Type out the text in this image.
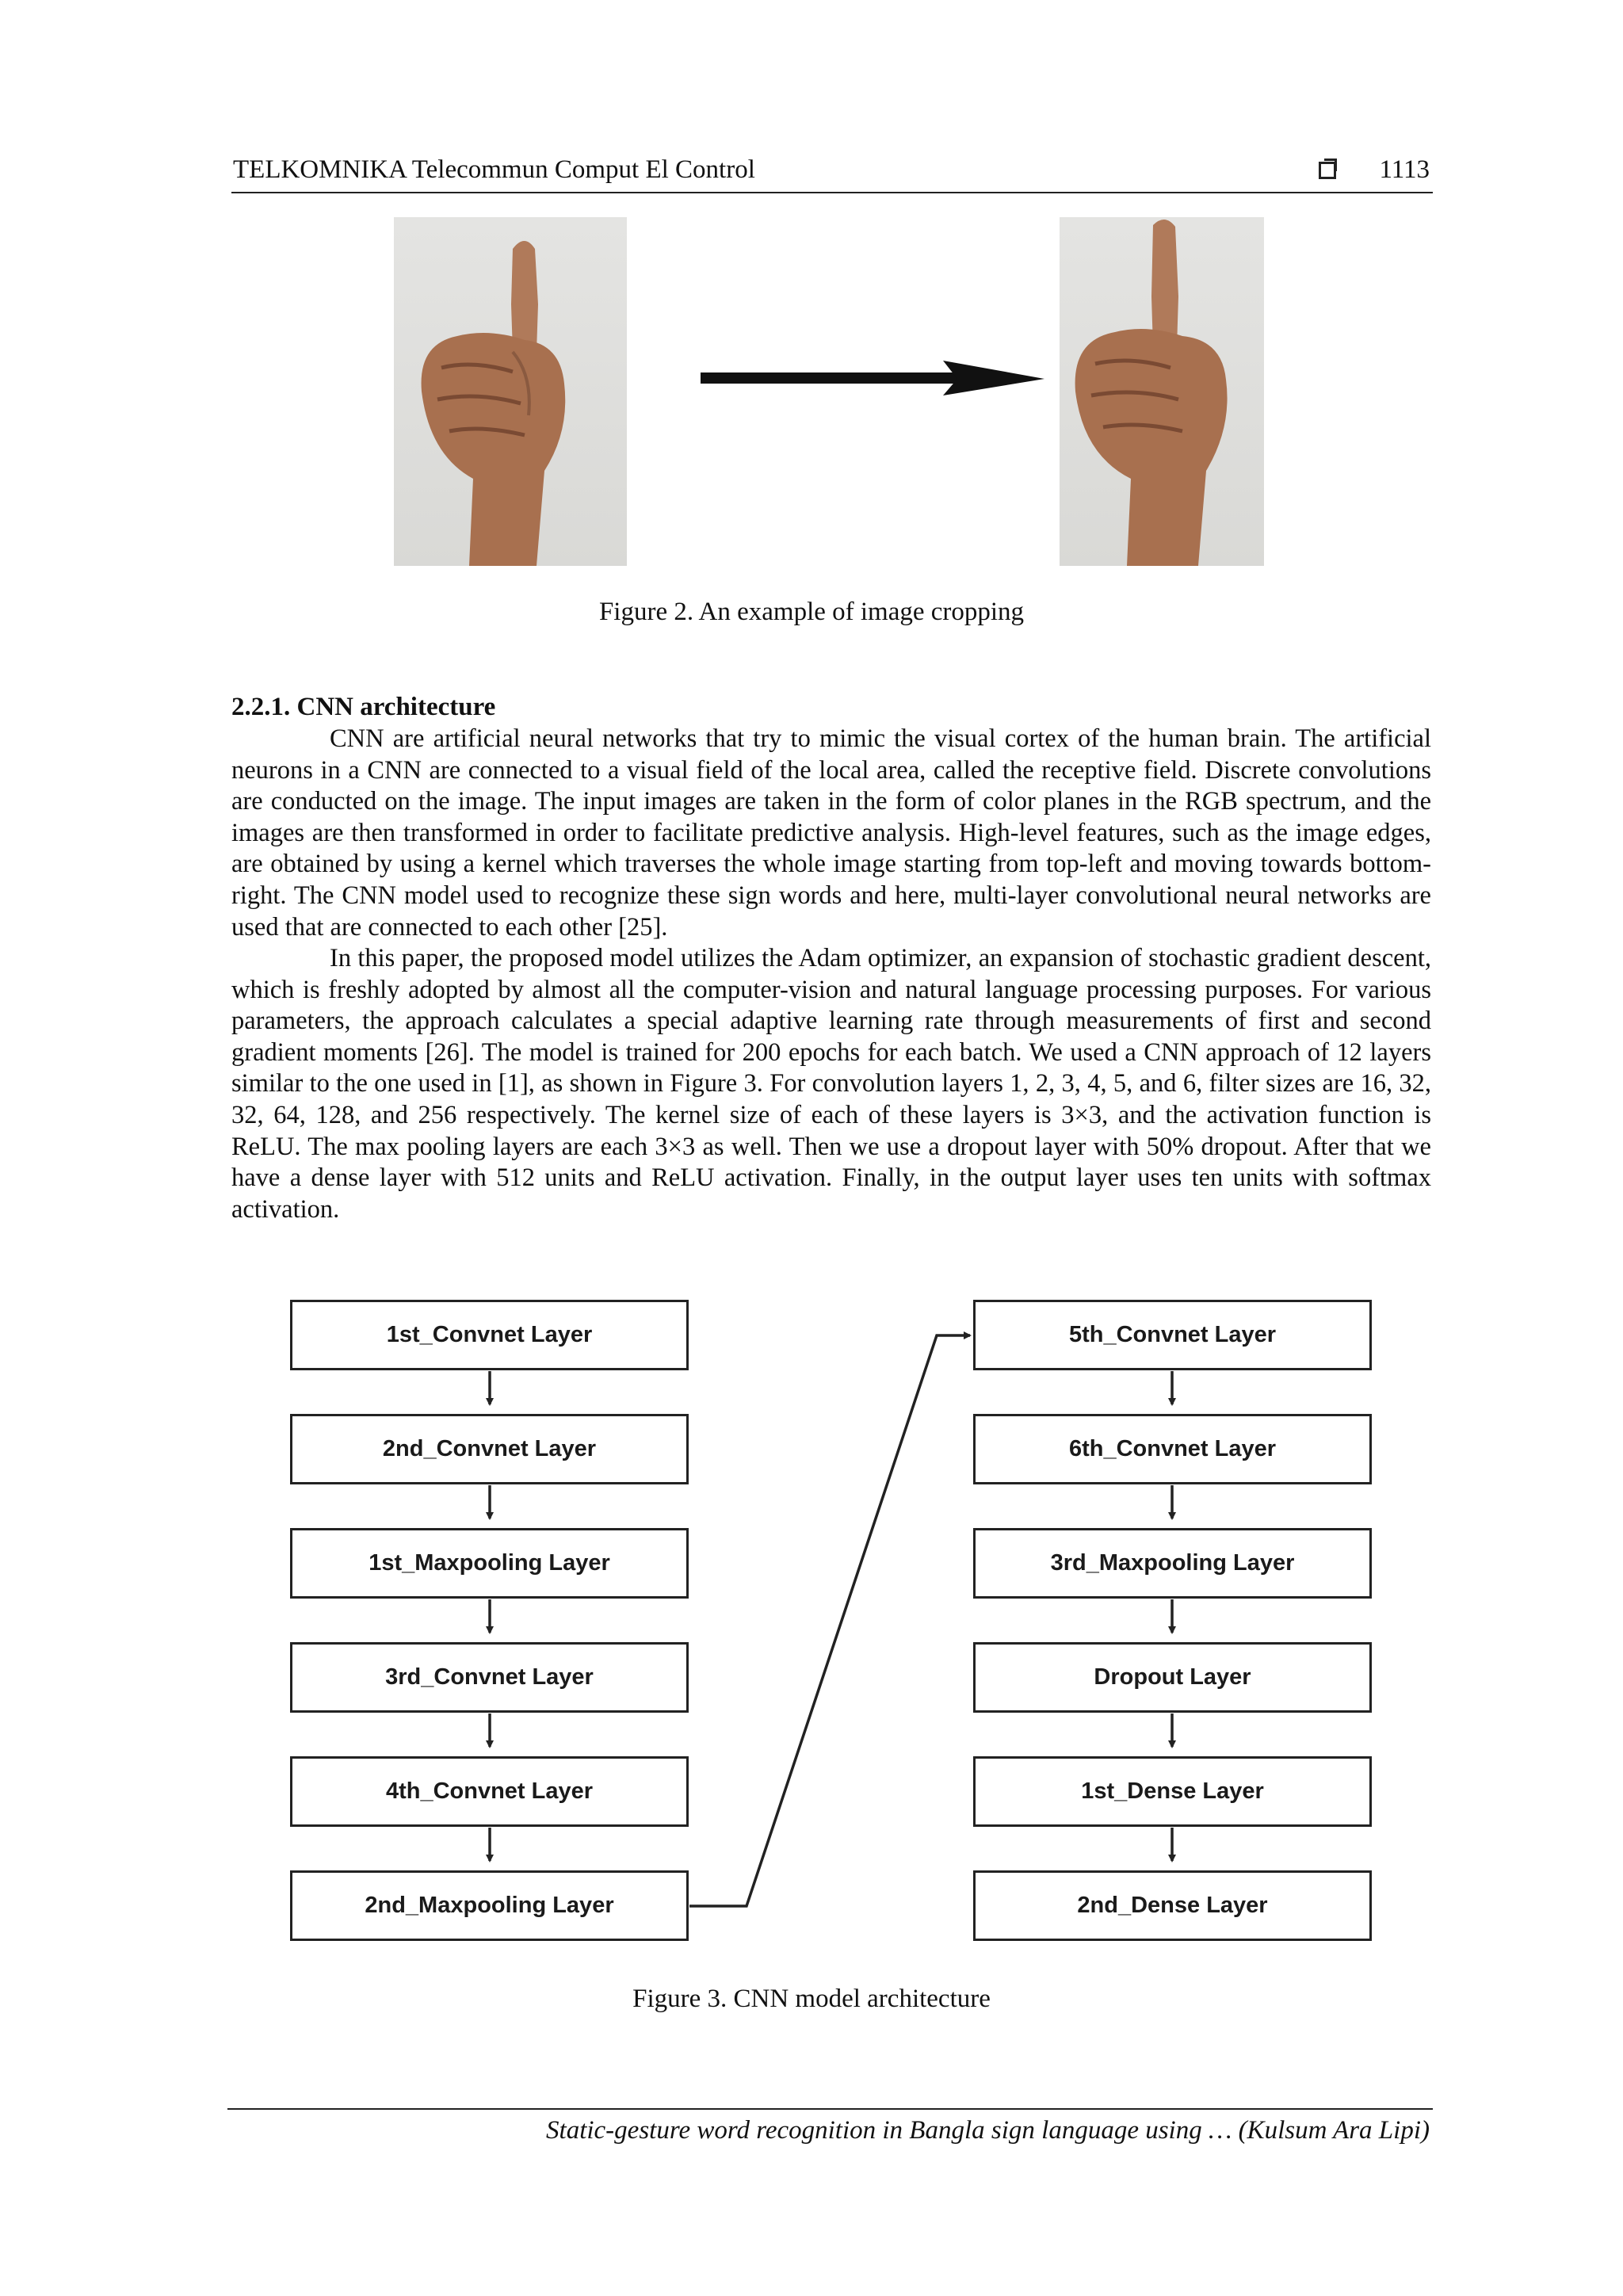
TELKOMNIKA Telecommun Comput El Control	1113
Figure 2. An example of image cropping
2.2.1. CNN architecture

CNN are artificial neural networks that try to mimic the visual cortex of the human brain. The artificial neurons in a CNN are connected to a visual field of the local area, called the receptive field. Discrete convolutions are conducted on the image. The input images are taken in the form of color planes in the RGB spectrum, and the images are then transformed in order to facilitate predictive analysis. High-level features, such as the image edges, are obtained by using a kernel which traverses the whole image starting from top-left and moving towards bottom-right. The CNN model used to recognize these sign words and here, multi-layer convolutional neural networks are used that are connected to each other [25].

In this paper, the proposed model utilizes the Adam optimizer, an expansion of stochastic gradient descent, which is freshly adopted by almost all the computer-vision and natural language processing purposes. For various parameters, the approach calculates a special adaptive learning rate through measurements of first and second gradient moments [26]. The model is trained for 200 epochs for each batch. We used a CNN approach of 12 layers similar to the one used in [1], as shown in Figure 3. For convolution layers 1, 2, 3, 4, 5, and 6, filter sizes are 16, 32, 32, 64, 128, and 256 respectively. The kernel size of each of these layers is 3×3, and the activation function is ReLU. The max pooling layers are each 3×3 as well. Then we use a dropout layer with 50% dropout. After that we have a dense layer with 512 units and ReLU activation. Finally, in the output layer uses ten units with softmax activation.

1st_Convnet Layer
2nd_Convnet Layer
1st_Maxpooling Layer
3rd_Convnet Layer
4th_Convnet Layer
2nd_Maxpooling Layer
5th_Convnet Layer
6th_Convnet Layer
3rd_Maxpooling Layer
Dropout Layer
1st_Dense Layer
2nd_Dense Layer
Figure 3. CNN model architecture
Static-gesture word recognition in Bangla sign language using … (Kulsum Ara Lipi)
